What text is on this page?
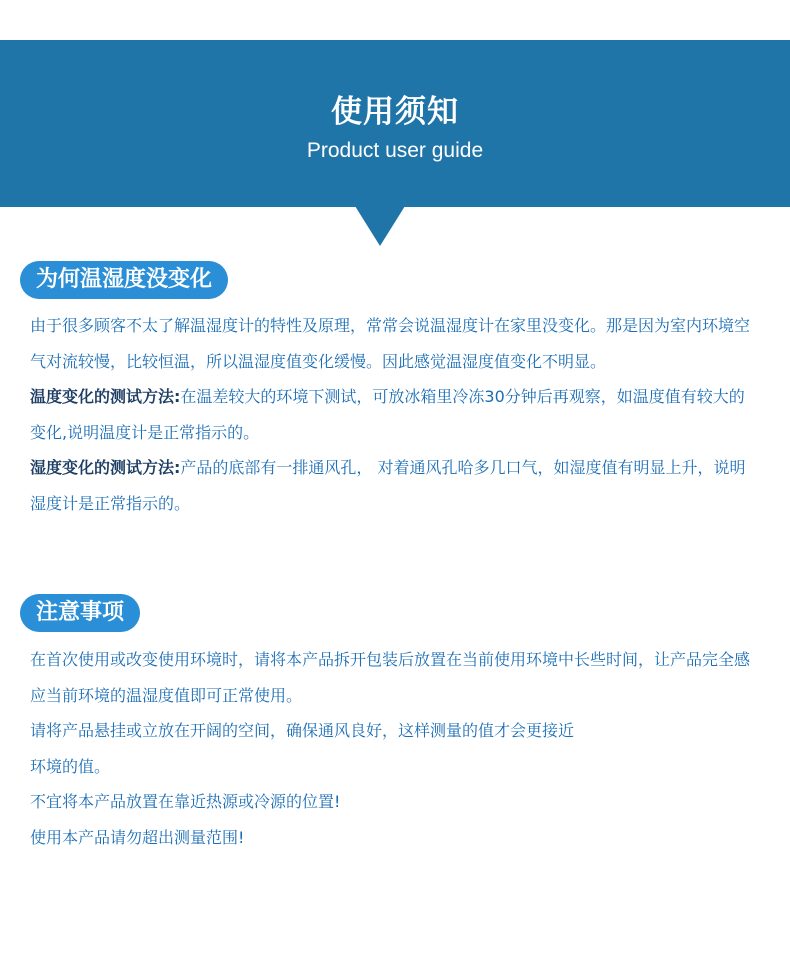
使用须知
Product user guide
为何温湿度没变化

由于很多顾客不太了解温湿度计的特性及原理，常常会说温湿度计在家里没变化。那是因为室内环境空气对流较慢，比较恒温，所以温湿度值变化缓慢。因此感觉温湿度值变化不明显。

温度变化的测试方法:在温差较大的环境下测试，可放冰箱里冷冻30分钟后再观察，如温度值有较大的变化,说明温度计是正常指示的。

湿度变化的测试方法:产品的底部有一排通风孔， 对着通风孔哈多几口气，如湿度值有明显上升，说明湿度计是正常指示的。

注意事项

在首次使用或改变使用环境时，请将本产品拆开包装后放置在当前使用环境中长些时间，让产品完全感应当前环境的温湿度值即可正常使用。

请将产品悬挂或立放在开阔的空间，确保通风良好，这样测量的值才会更接近

环境的值。

不宜将本产品放置在靠近热源或冷源的位置!

使用本产品请勿超出测量范围!
